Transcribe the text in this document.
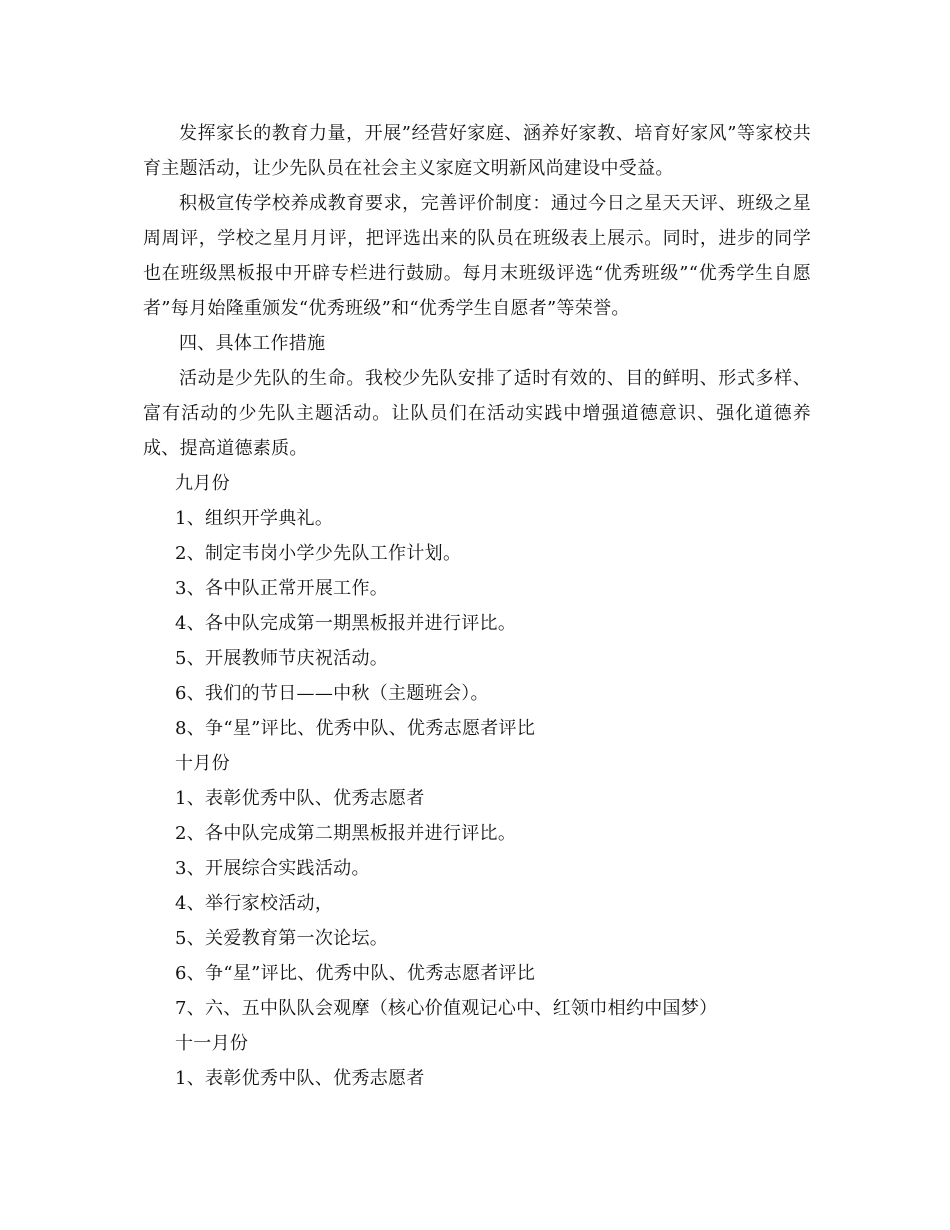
发挥家长的教育力量，开展”经营好家庭、涵养好家教、培育好家风”等家校共育主题活动，让少先队员在社会主义家庭文明新风尚建设中受益。

积极宣传学校养成教育要求，完善评价制度：通过今日之星天天评、班级之星周周评，学校之星月月评，把评选出来的队员在班级表上展示。同时，进步的同学也在班级黑板报中开辟专栏进行鼓励。每月末班级评选“优秀班级”“优秀学生自愿者”每月始隆重颁发“优秀班级”和“优秀学生自愿者”等荣誉。

四、具体工作措施

活动是少先队的生命。我校少先队安排了适时有效的、目的鲜明、形式多样、富有活动的少先队主题活动。让队员们在活动实践中增强道德意识、强化道德养成、提高道德素质。

九月份

1、组织开学典礼。

2、制定韦岗小学少先队工作计划。

3、各中队正常开展工作。

4、各中队完成第一期黑板报并进行评比。

5、开展教师节庆祝活动。

6、我们的节日——中秋（主题班会）。

8、争“星”评比、优秀中队、优秀志愿者评比

十月份

1、表彰优秀中队、优秀志愿者

2、各中队完成第二期黑板报并进行评比。

3、开展综合实践活动。

4、举行家校活动，

5、关爱教育第一次论坛。

6、争“星”评比、优秀中队、优秀志愿者评比

7、六、五中队队会观摩（核心价值观记心中、红领巾相约中国梦）

十一月份

1、表彰优秀中队、优秀志愿者
